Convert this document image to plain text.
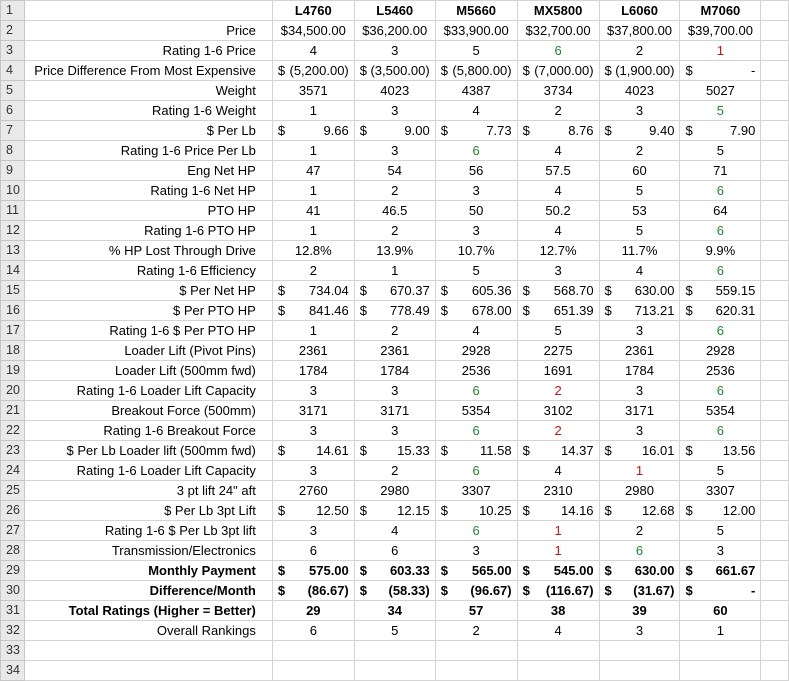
1		L4760	L5460	M5660	MX5800	L6060	M7060	
2	Price	$34,500.00	$36,200.00	$33,900.00	$32,700.00	$37,800.00	$39,700.00	
3	Rating 1-6 Price	4	3	5	6	2	1	
4	Price Difference From Most Expensive	$ (5,200.00)	$ (3,500.00)	$ (5,800.00)	$ (7,000.00)	$ (1,900.00)	$ -	

5	Weight	3571	4023	4387	3734	4023	5027	
6	Rating 1-6 Weight	1	3	4	2	3	5	
7	$ Per Lb	$ 9.66	$ 9.00	$ 7.73	$ 8.76	$ 9.40	$ 7.90	

8	Rating 1-6 Price Per Lb	1	3	6	4	2	5	
9	Eng Net HP	47	54	56	57.5	60	71	
10	Rating 1-6 Net HP	1	2	3	4	5	6	
11	PTO HP	41	46.5	50	50.2	53	64	
12	Rating 1-6 PTO HP	1	2	3	4	5	6	
13	% HP Lost Through Drive	12.8%	13.9%	10.7%	12.7%	11.7%	9.9%	
14	Rating 1-6 Efficiency	2	1	5	3	4	6	
15	$ Per Net HP	$ 734.04	$ 670.37	$ 605.36	$ 568.70	$ 630.00	$ 559.15	

16	$ Per PTO HP	$ 841.46	$ 778.49	$ 678.00	$ 651.39	$ 713.21	$ 620.31	

17	Rating 1-6 $ Per PTO HP	1	2	4	5	3	6	
18	Loader Lift (Pivot Pins)	2361	2361	2928	2275	2361	2928	
19	Loader Lift (500mm fwd)	1784	1784	2536	1691	1784	2536	
20	Rating 1-6 Loader Lift Capacity	3	3	6	2	3	6	
21	Breakout Force (500mm)	3171	3171	5354	3102	3171	5354	
22	Rating 1-6 Breakout Force	3	3	6	2	3	6	
23	$ Per Lb Loader lift (500mm fwd)	$ 14.61	$ 15.33	$ 11.58	$ 14.37	$ 16.01	$ 13.56	

24	Rating 1-6 Loader Lift Capacity	3	2	6	4	1	5	
25	3 pt lift 24" aft	2760	2980	3307	2310	2980	3307	
26	$ Per Lb 3pt Lift	$ 12.50	$ 12.15	$ 10.25	$ 14.16	$ 12.68	$ 12.00	

27	Rating 1-6 $ Per Lb 3pt lift	3	4	6	1	2	5	
28	Transmission/Electronics	6	6	3	1	6	3	
29	Monthly Payment	$ 575.00	$ 603.33	$ 565.00	$ 545.00	$ 630.00	$ 661.67	

30	Difference/Month	$ (86.67)	$ (58.33)	$ (96.67)	$ (116.67)	$ (31.67)	$ -	

31	Total Ratings (Higher = Better)	29	34	57	38	39	60	
32	Overall Rankings	6	5	2	4	3	1	
33								
34								
